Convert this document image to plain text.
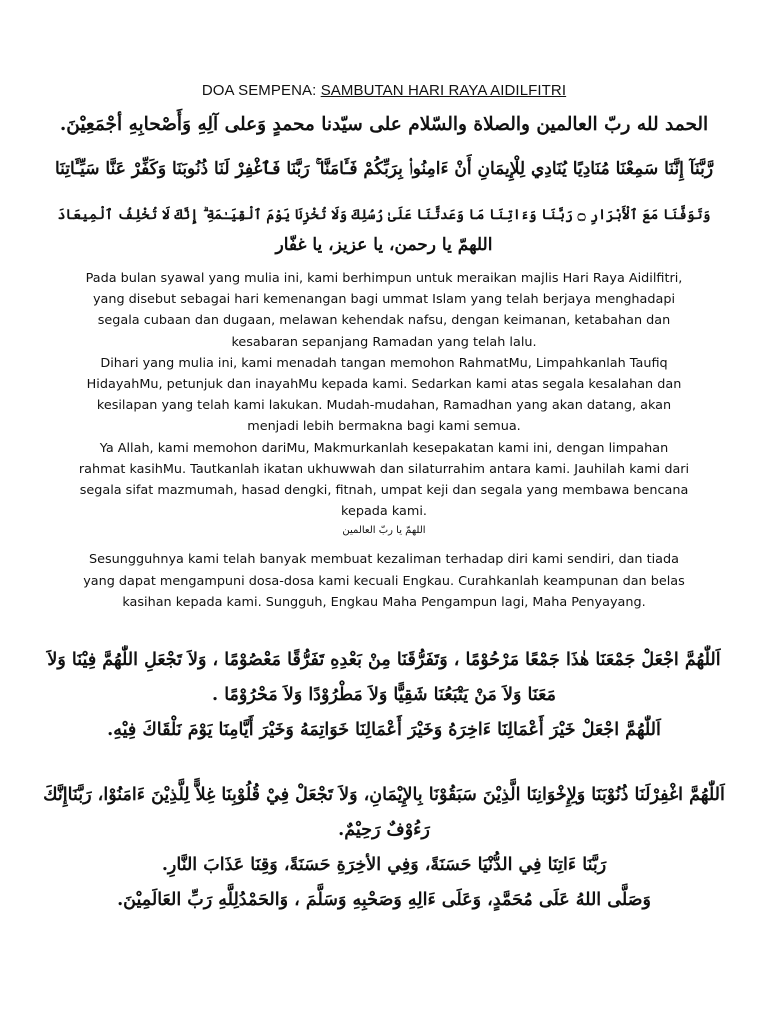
DOA SEMPENA: SAMBUTAN HARI RAYA AIDILFITRI
الحمد لله ربّ العالمين والصلاة والسّلام على سيّدنا محمدٍ وَعلى آلِهِ وَأَصْحابِهِ أجْمَعِيْنَ.
رَّبَّنَآ إِنَّنَا سَمِعْنَا مُنَادِيًا يُنَادِي لِلْإِيمَانِ أَنْ ءَامِنُوا۟ بِرَبِّكُمْ فَـَٔامَنَّا ۚ رَبَّنَا فَٱغْفِرْ لَنَا ذُنُوبَنَا وَكَفِّرْ عَنَّا سَيِّـَٔاتِنَا
وَتَوَفَّنَا مَعَ ٱلْأَبْرَارِ ۝ رَبَّنَا وَءَاتِنَا مَا وَعَدتَّنَا عَلَىٰ رُسُلِكَ وَلَا تُخْزِنَا يَوْمَ ٱلْقِيَـٰمَةِ ۗ إِنَّكَ لَا تُخْلِفُ ٱلْمِيعَادَ
اللهمّ يا رحمن، يا عزيز، يا غفّار

Pada bulan syawal yang mulia ini, kami berhimpun untuk meraikan majlis Hari Raya Aidilfitri, yang disebut sebagai hari kemenangan bagi ummat Islam yang telah berjaya menghadapi segala cubaan dan dugaan, melawan kehendak nafsu, dengan keimanan, ketabahan dan kesabaran sepanjang Ramadan yang telah lalu.

Dihari yang mulia ini, kami menadah tangan memohon RahmatMu, Limpahkanlah Taufiq HidayahMu, petunjuk dan inayahMu kepada kami. Sedarkan kami atas segala kesalahan dan kesilapan yang telah kami lakukan. Mudah-mudahan, Ramadhan yang akan datang, akan menjadi lebih bermakna bagi kami semua.

Ya Allah, kami memohon dariMu, Makmurkanlah kesepakatan kami ini, dengan limpahan rahmat kasihMu. Tautkanlah ikatan ukhuwwah dan silaturrahim antara kami. Jauhilah kami dari segala sifat mazmumah, hasad dengki, fitnah, umpat keji dan segala yang membawa bencana kepada kami.

اللهمّ يا ربّ العالمين

Sesungguhnya kami telah banyak membuat kezaliman terhadap diri kami sendiri, dan tiada yang dapat mengampuni dosa-dosa kami kecuali Engkau. Curahkanlah keampunan dan belas kasihan kepada kami. Sungguh, Engkau Maha Pengampun lagi, Maha Penyayang.

اَللّٰهُمَّ اجْعَلْ جَمْعَنَا هٰذَا جَمْعًا مَرْحُوْمًا ، وَتَفَرُّقَنَا مِنْ بَعْدِهِ تَفَرُّقًا مَعْصُوْمًا ، وَلاَ تَجْعَلِ اللّٰهُمَّ فِيْنَا وَلاَ
مَعَنَا وَلاَ مَنْ يَتْبَعُنَا شَقِيًّا وَلاَ مَطْرُوْدًا وَلاَ مَحْرُوْمًا .
اَللّٰهُمَّ اجْعَلْ خَيْرَ أَعْمَالِنَا ءَاخِرَهُ وَخَيْرَ أَعْمَالِنَا خَوَاتِمَهُ وَخَيْرَ أَيَّامِنَا يَوْمَ نَلْقَاكَ فِيْهِ.
اَللّٰهُمَّ اغْفِرْلَنَا ذُنُوْبَنَا وَلِإِخْوَانِنَا الَّذِيْنَ سَبَقُوْنَا بِالإِيْمَانِ، وَلاَ تَجْعَلْ فِيْ قُلُوْبِنَا غِلاًّ لِلَّذِيْنَ ءَامَنُوْا، رَبَّنَاإِنَّكَ
رَءُوْفٌ رَحِيْمٌ.
رَبَّنَا ءَاتِنَا فِي الدُّنْيَا حَسَنَةً، وَفِي الأخِرَةِ حَسَنَةً، وَقِنَا عَذَابَ النَّارِ.
وَصَلَّى اللهُ عَلَى مُحَمَّدٍ، وَعَلَى ءَالِهِ وَصَحْبِهِ وَسَلَّمَ ، وَالحَمْدُلِلَّهِ رَبِّ العَالَمِيْنَ.
